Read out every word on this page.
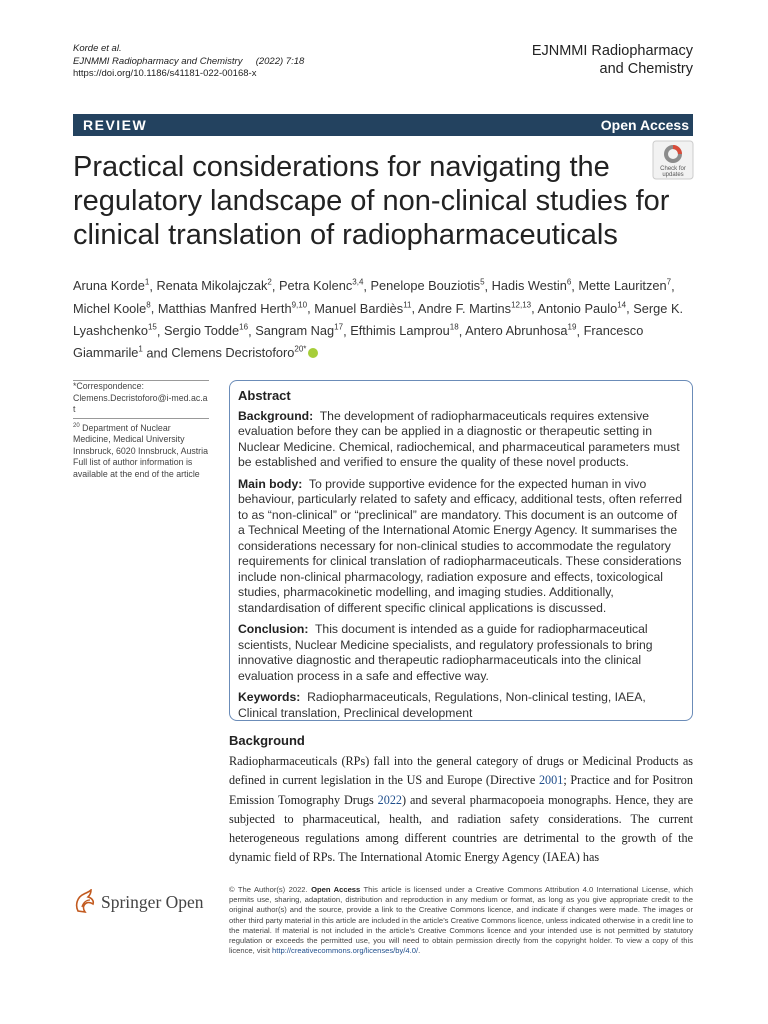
Korde et al.
EJNMMI Radiopharmacy and Chemistry (2022) 7:18
https://doi.org/10.1186/s41181-022-00168-x
EJNMMI Radiopharmacy
and Chemistry
REVIEW	Open Access
Practical considerations for navigating the regulatory landscape of non-clinical studies for clinical translation of radiopharmaceuticals
Check for
updates
Aruna Korde$^1$, Renata Mikolajczak$^2$, Petra Kolenc$^{3,4}$, Penelope Bouziotis$^5$, Hadis Westin$^6$, Mette Lauritzen$^7$, Michel Koole$^8$, Matthias Manfred Herth$^{9,10}$, Manuel Bardiès$^{11}$, Andre F. Martins$^{12,13}$, Antonio Paulo$^{14}$, Serge K. Lyashchenko$^{15}$, Sergio Todde$^{16}$, Sangram Nag$^{17}$, Efthimis Lamprou$^{18}$, Antero Abrunhosa$^{19}$, Francesco Giammarile$^1$ and Clemens Decristoforo$^{20*}$
*Correspondence:
Clemens.Decristoforo@i-med.ac.at
$^{20}$ Department of Nuclear Medicine, Medical University Innsbruck, 6020 Innsbruck, Austria
Full list of author information is available at the end of the article
Abstract

Background: The development of radiopharmaceuticals requires extensive evaluation before they can be applied in a diagnostic or therapeutic setting in Nuclear Medicine. Chemical, radiochemical, and pharmaceutical parameters must be established and verified to ensure the quality of these novel products.

Main body: To provide supportive evidence for the expected human in vivo behaviour, particularly related to safety and efficacy, additional tests, often referred to as “non-clinical” or “preclinical” are mandatory. This document is an outcome of a Technical Meeting of the International Atomic Energy Agency. It summarises the considerations necessary for non-clinical studies to accommodate the regulatory requirements for clinical translation of radiopharmaceuticals. These considerations include non-clinical pharmacology, radiation exposure and effects, toxicological studies, pharmacokinetic modelling, and imaging studies. Additionally, standardisation of different specific clinical applications is discussed.

Conclusion: This document is intended as a guide for radiopharmaceutical scientists, Nuclear Medicine specialists, and regulatory professionals to bring innovative diagnostic and therapeutic radiopharmaceuticals into the clinical evaluation process in a safe and effective way.

Keywords: Radiopharmaceuticals, Regulations, Non-clinical testing, IAEA, Clinical translation, Preclinical development

Background
Radiopharmaceuticals (RPs) fall into the general category of drugs or Medicinal Products as defined in current legislation in the US and Europe (Directive 2001; Practice and for Positron Emission Tomography Drugs 2022) and several pharmacopoeia monographs. Hence, they are subjected to pharmaceutical, health, and radiation safety considerations. The current heterogeneous regulations among different countries are detrimental to the growth of the dynamic field of RPs. The International Atomic Energy Agency (IAEA) has
Springer Open
© The Author(s) 2022. Open Access This article is licensed under a Creative Commons Attribution 4.0 International License, which permits use, sharing, adaptation, distribution and reproduction in any medium or format, as long as you give appropriate credit to the original author(s) and the source, provide a link to the Creative Commons licence, and indicate if changes were made. The images or other third party material in this article are included in the article’s Creative Commons licence, unless indicated otherwise in a credit line to the material. If material is not included in the article’s Creative Commons licence and your intended use is not permitted by statutory regulation or exceeds the permitted use, you will need to obtain permission directly from the copyright holder. To view a copy of this licence, visit http://creativecommons.org/licenses/by/4.0/.
